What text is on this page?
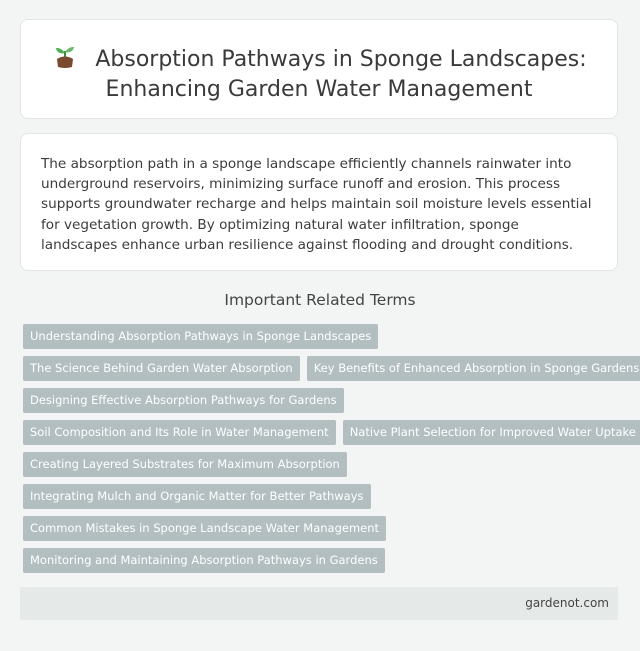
Absorption Pathways in Sponge Landscapes:
Enhancing Garden Water Management
The absorption path in a sponge landscape efficiently channels rainwater into underground reservoirs, minimizing surface runoff and erosion. This process supports groundwater recharge and helps maintain soil moisture levels essential for vegetation growth. By optimizing natural water infiltration, sponge landscapes enhance urban resilience against flooding and drought conditions.
Important Related Terms
Understanding Absorption Pathways in Sponge Landscapes
The Science Behind Garden Water Absorption	Key Benefits of Enhanced Absorption in Sponge Gardens
Designing Effective Absorption Pathways for Gardens
Soil Composition and Its Role in Water Management	Native Plant Selection for Improved Water Uptake
Creating Layered Substrates for Maximum Absorption
Integrating Mulch and Organic Matter for Better Pathways
Common Mistakes in Sponge Landscape Water Management
Monitoring and Maintaining Absorption Pathways in Gardens
gardenot.com
